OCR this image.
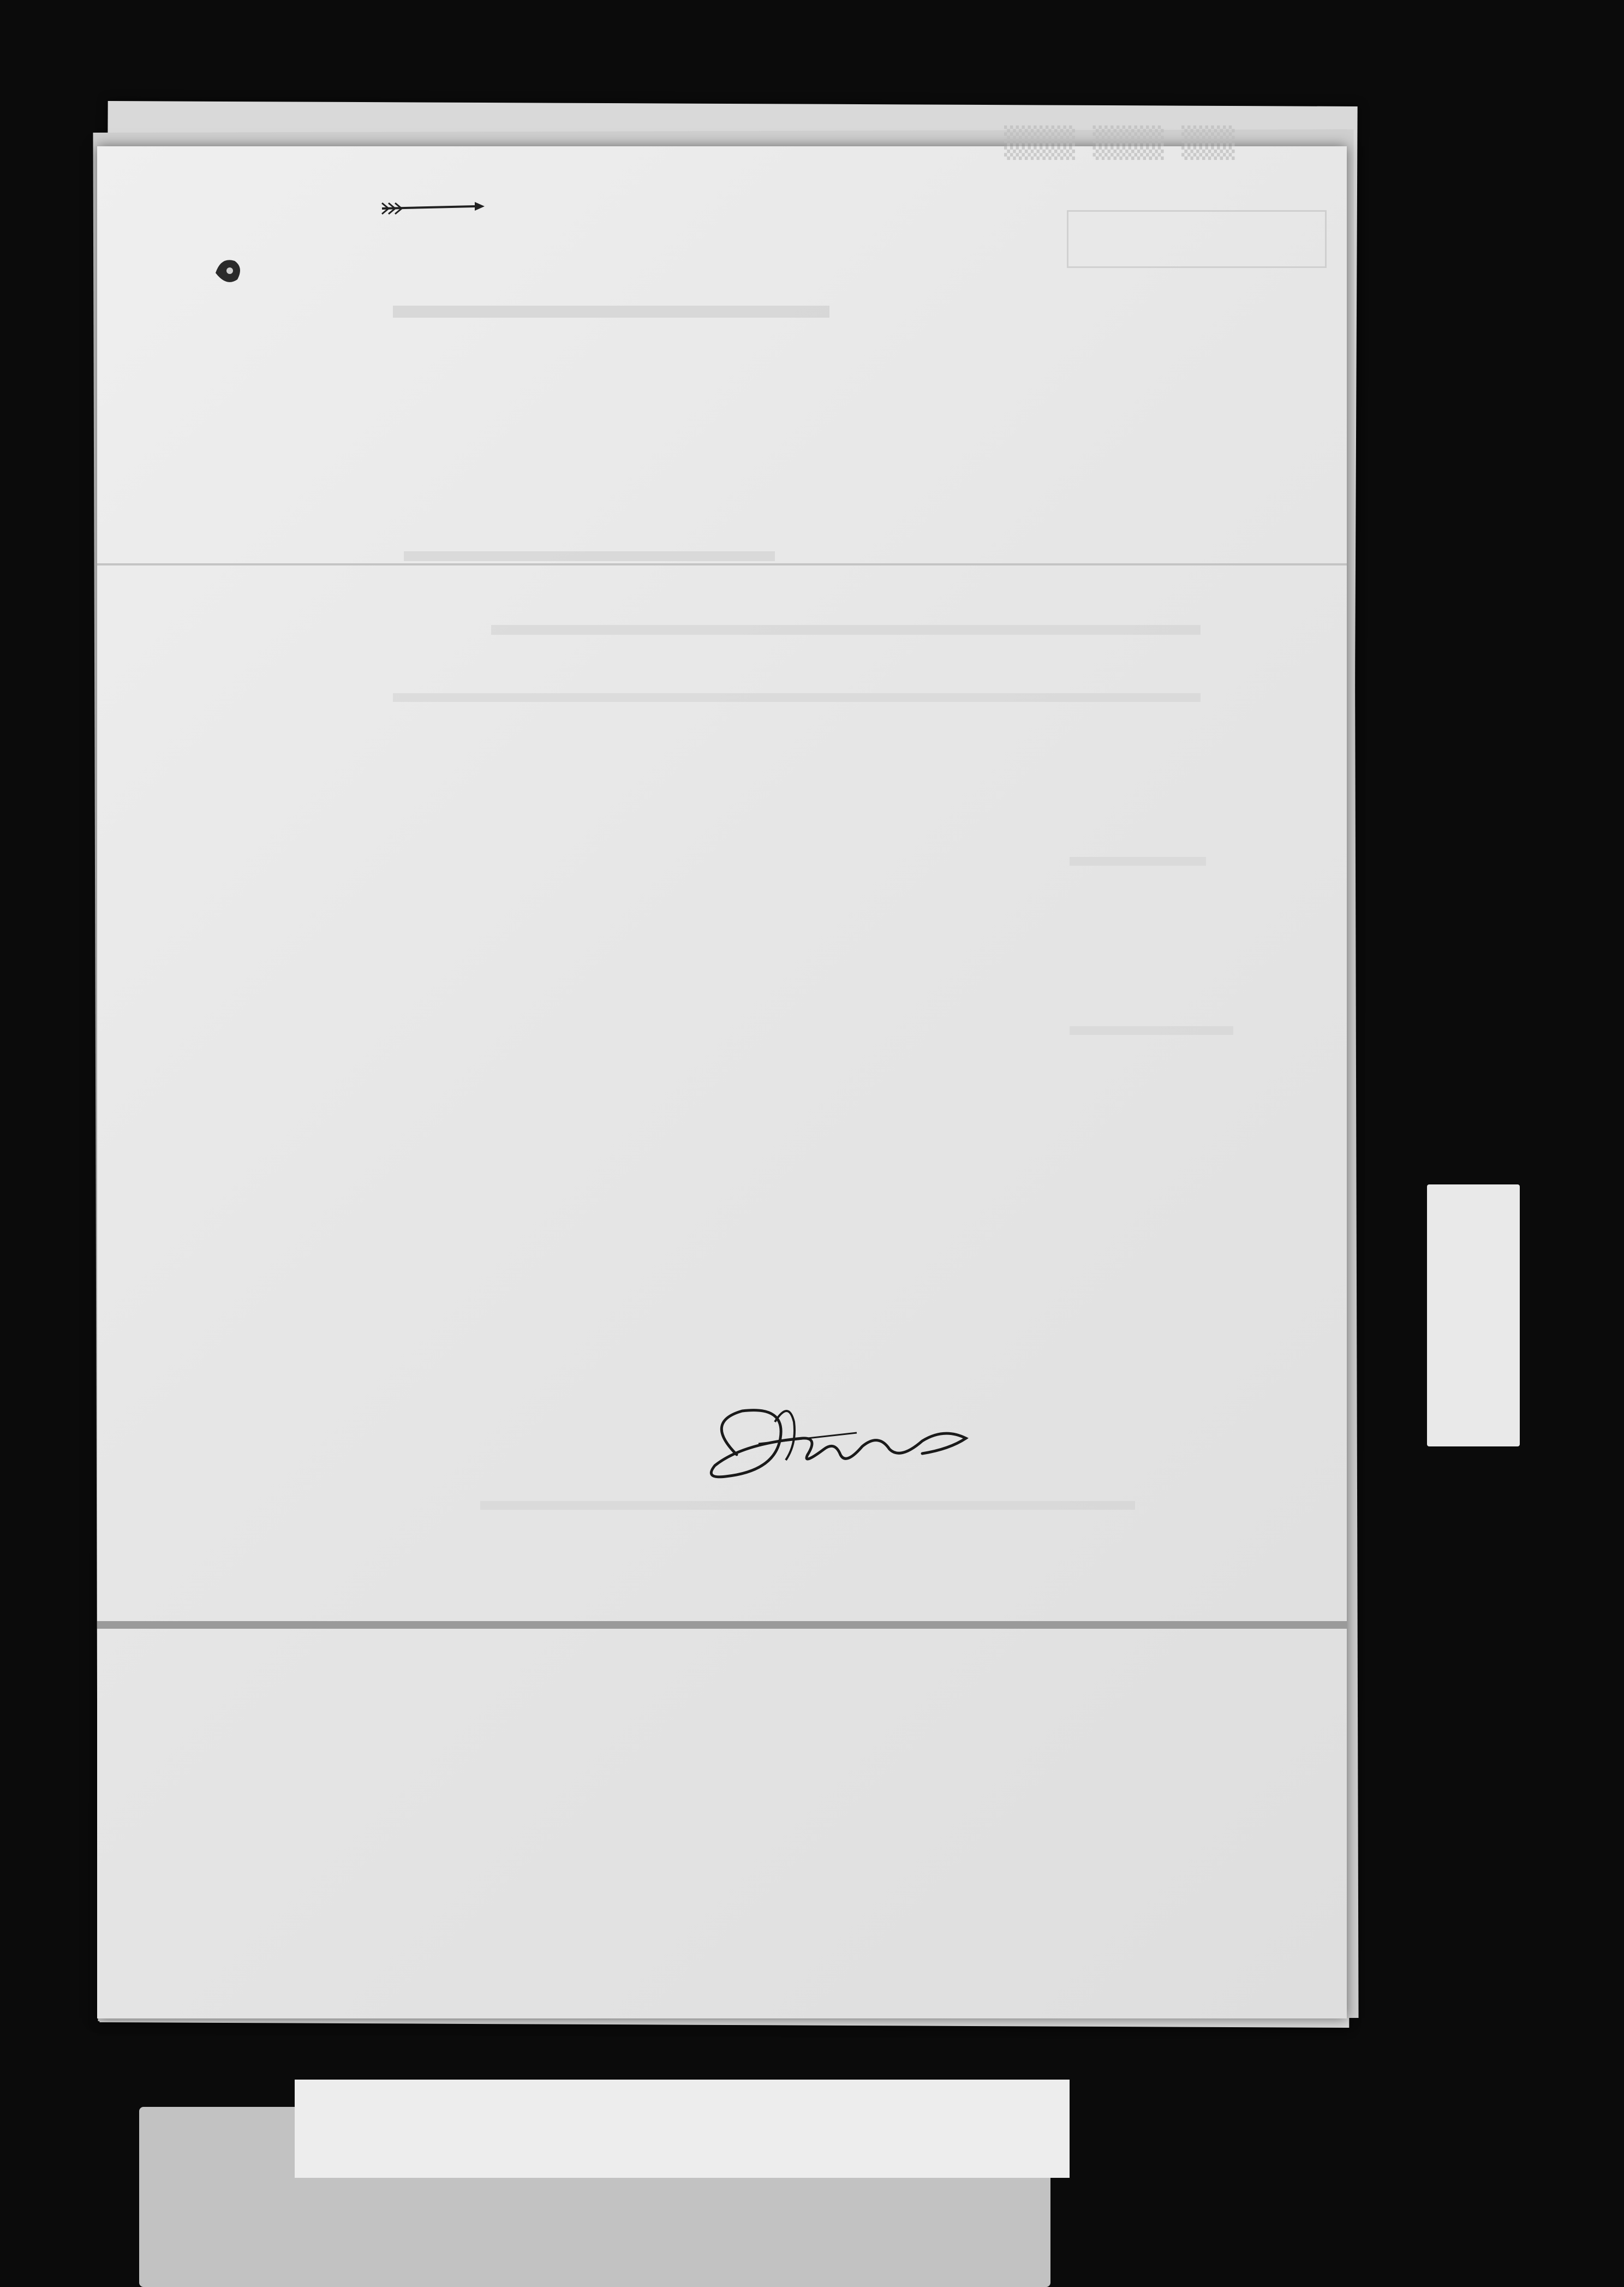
▒▒▒▒ ▒▒▒▒ ▒▒▒
